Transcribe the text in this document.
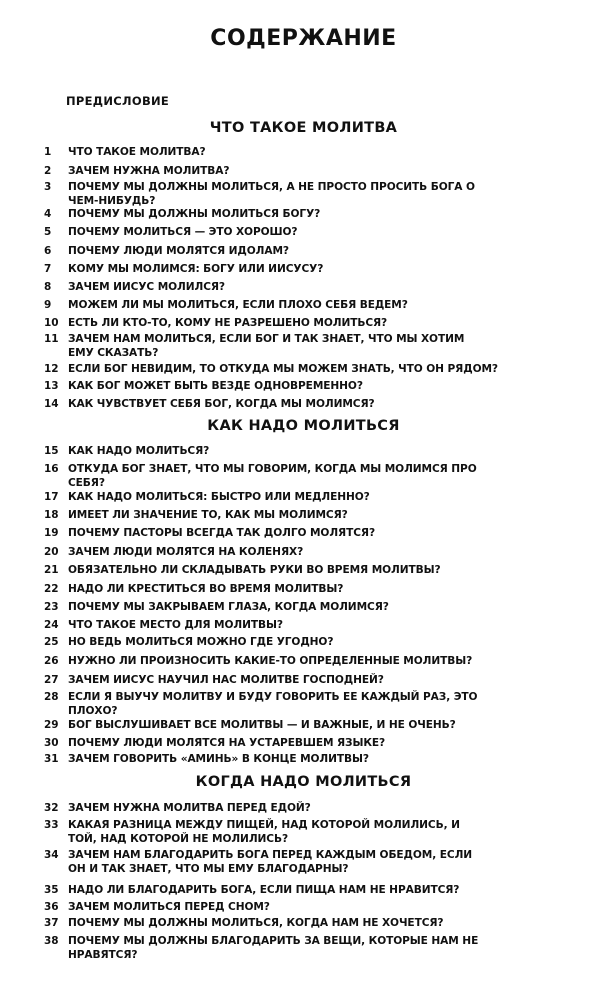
СОДЕРЖАНИЕ
ПРЕДИСЛОВИЕ
ЧТО ТАКОЕ МОЛИТВА
1	ЧТО ТАКОЕ МОЛИТВА?
2	ЗАЧЕМ НУЖНА МОЛИТВА?
3	ПОЧЕМУ МЫ ДОЛЖНЫ МОЛИТЬСЯ, А НЕ ПРОСТО ПРОСИТЬ БОГА О
ЧЕМ-НИБУДЬ?
4	ПОЧЕМУ МЫ ДОЛЖНЫ МОЛИТЬСЯ БОГУ?
5	ПОЧЕМУ МОЛИТЬСЯ — ЭТО ХОРОШО?
6	ПОЧЕМУ ЛЮДИ МОЛЯТСЯ ИДОЛАМ?
7	КОМУ МЫ МОЛИМСЯ: БОГУ ИЛИ ИИСУСУ?
8	ЗАЧЕМ ИИСУС МОЛИЛСЯ?
9	МОЖЕМ ЛИ МЫ МОЛИТЬСЯ, ЕСЛИ ПЛОХО СЕБЯ ВЕДЕМ?
10 ЕСТЬ ЛИ КТО-ТО, КОМУ НЕ РАЗРЕШЕНО МОЛИТЬСЯ?
11 ЗАЧЕМ НАМ МОЛИТЬСЯ, ЕСЛИ БОГ И ТАК ЗНАЕТ, ЧТО МЫ ХОТИМ
ЕМУ СКАЗАТЬ?
12 ЕСЛИ БОГ НЕВИДИМ, ТО ОТКУДА МЫ МОЖЕМ ЗНАТЬ, ЧТО ОН РЯДОМ?
13 КАК БОГ МОЖЕТ БЫТЬ ВЕЗДЕ ОДНОВРЕМЕННО?
14 КАК ЧУВСТВУЕТ СЕБЯ БОГ, КОГДА МЫ МОЛИМСЯ?
КАК НАДО МОЛИТЬСЯ
15 КАК НАДО МОЛИТЬСЯ?
16 ОТКУДА БОГ ЗНАЕТ, ЧТО МЫ ГОВОРИМ, КОГДА МЫ МОЛИМСЯ ПРО
СЕБЯ?
17 КАК НАДО МОЛИТЬСЯ: БЫСТРО ИЛИ МЕДЛЕННО?
18 ИМЕЕТ ЛИ ЗНАЧЕНИЕ ТО, КАК МЫ МОЛИМСЯ?
19 ПОЧЕМУ ПАСТОРЫ ВСЕГДА ТАК ДОЛГО МОЛЯТСЯ?
20 ЗАЧЕМ ЛЮДИ МОЛЯТСЯ НА КОЛЕНЯХ?
21 ОБЯЗАТЕЛЬНО ЛИ СКЛАДЫВАТЬ РУКИ ВО ВРЕМЯ МОЛИТВЫ?
22 НАДО ЛИ КРЕСТИТЬСЯ ВО ВРЕМЯ МОЛИТВЫ?
23 ПОЧЕМУ МЫ ЗАКРЫВАЕМ ГЛАЗА, КОГДА МОЛИМСЯ?
24 ЧТО ТАКОЕ МЕСТО ДЛЯ МОЛИТВЫ?
25 НО ВЕДЬ МОЛИТЬСЯ МОЖНО ГДЕ УГОДНО?
26 НУЖНО ЛИ ПРОИЗНОСИТЬ КАКИЕ-ТО ОПРЕДЕЛЕННЫЕ МОЛИТВЫ?
27 ЗАЧЕМ ИИСУС НАУЧИЛ НАС МОЛИТВЕ ГОСПОДНЕЙ?
28 ЕСЛИ Я ВЫУЧУ МОЛИТВУ И БУДУ ГОВОРИТЬ ЕЕ КАЖДЫЙ РАЗ, ЭТО
ПЛОХО?
29 БОГ ВЫСЛУШИВАЕТ ВСЕ МОЛИТВЫ — И ВАЖНЫЕ, И НЕ ОЧЕНЬ?
30 ПОЧЕМУ ЛЮДИ МОЛЯТСЯ НА УСТАРЕВШЕМ ЯЗЫКЕ?
31 ЗАЧЕМ ГОВОРИТЬ «АМИНЬ» В КОНЦЕ МОЛИТВЫ?
КОГДА НАДО МОЛИТЬСЯ
32 ЗАЧЕМ НУЖНА МОЛИТВА ПЕРЕД ЕДОЙ?
33 КАКАЯ РАЗНИЦА МЕЖДУ ПИЩЕЙ, НАД КОТОРОЙ МОЛИЛИСЬ, И
ТОЙ, НАД КОТОРОЙ НЕ МОЛИЛИСЬ?
34 ЗАЧЕМ НАМ БЛАГОДАРИТЬ БОГА ПЕРЕД КАЖДЫМ ОБЕДОМ, ЕСЛИ
ОН И ТАК ЗНАЕТ, ЧТО МЫ ЕМУ БЛАГОДАРНЫ?
35 НАДО ЛИ БЛАГОДАРИТЬ БОГА, ЕСЛИ ПИЩА НАМ НЕ НРАВИТСЯ?
36 ЗАЧЕМ МОЛИТЬСЯ ПЕРЕД СНОМ?
37 ПОЧЕМУ МЫ ДОЛЖНЫ МОЛИТЬСЯ, КОГДА НАМ НЕ ХОЧЕТСЯ?
38 ПОЧЕМУ МЫ ДОЛЖНЫ БЛАГОДАРИТЬ ЗА ВЕЩИ, КОТОРЫЕ НАМ НЕ
НРАВЯТСЯ?
